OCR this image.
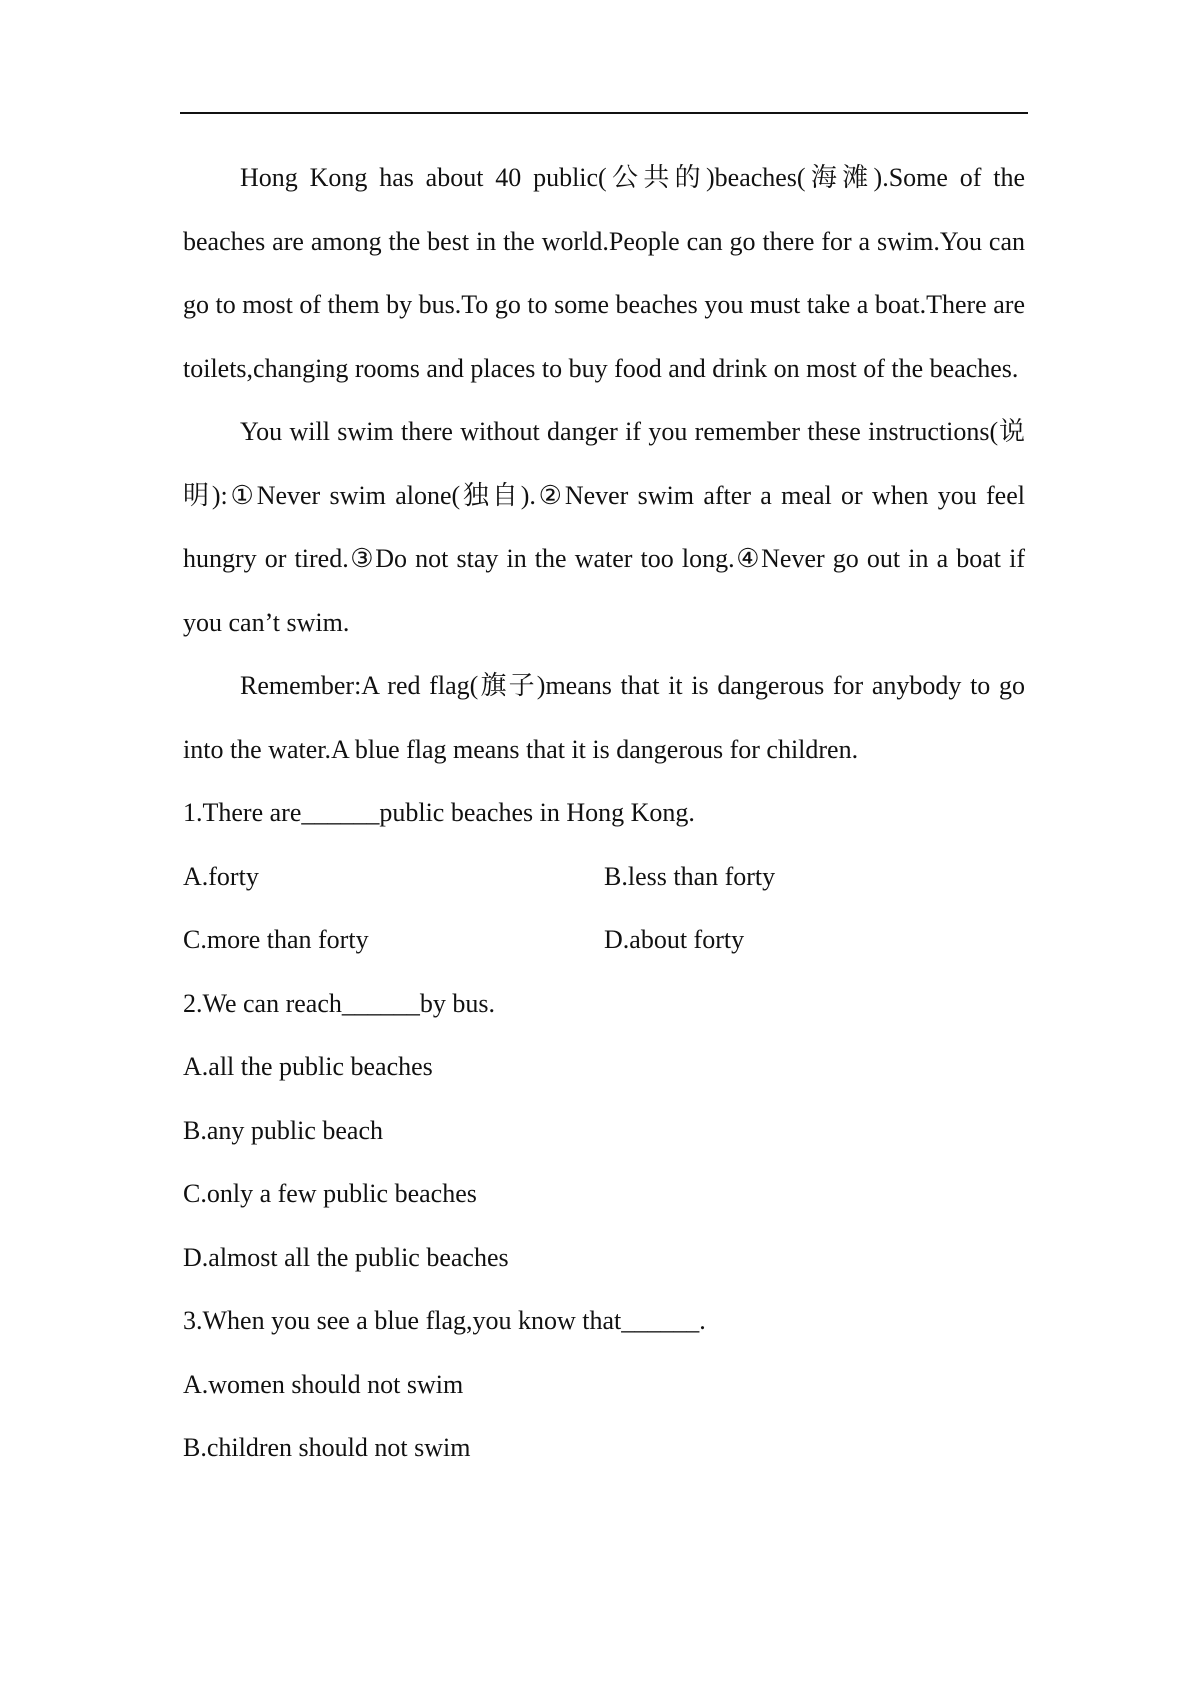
Hong Kong has about 40 public(公共的)beaches(海滩).Some of the beaches are among the best in the world.People can go there for a swim.You can go to most of them by bus.To go to some beaches you must take a boat.There are toilets,changing rooms and places to buy food and drink on most of the beaches.

You will swim there without danger if you remember these instructions(说明):①Never swim alone(独自).②Never swim after a meal or when you feel hungry or tired.③Do not stay in the water too long.④Never go out in a boat if you can’t swim.

Remember:A red flag(旗子)means that it is dangerous for anybody to go into the water.A blue flag means that it is dangerous for children.

1.There are______public beaches in Hong Kong.

A.forty	B.less than forty
C.more than forty	D.about forty

2.We can reach______by bus.

A.all the public beaches

B.any public beach

C.only a few public beaches

D.almost all the public beaches

3.When you see a blue flag,you know that______.

A.women should not swim

B.children should not swim
